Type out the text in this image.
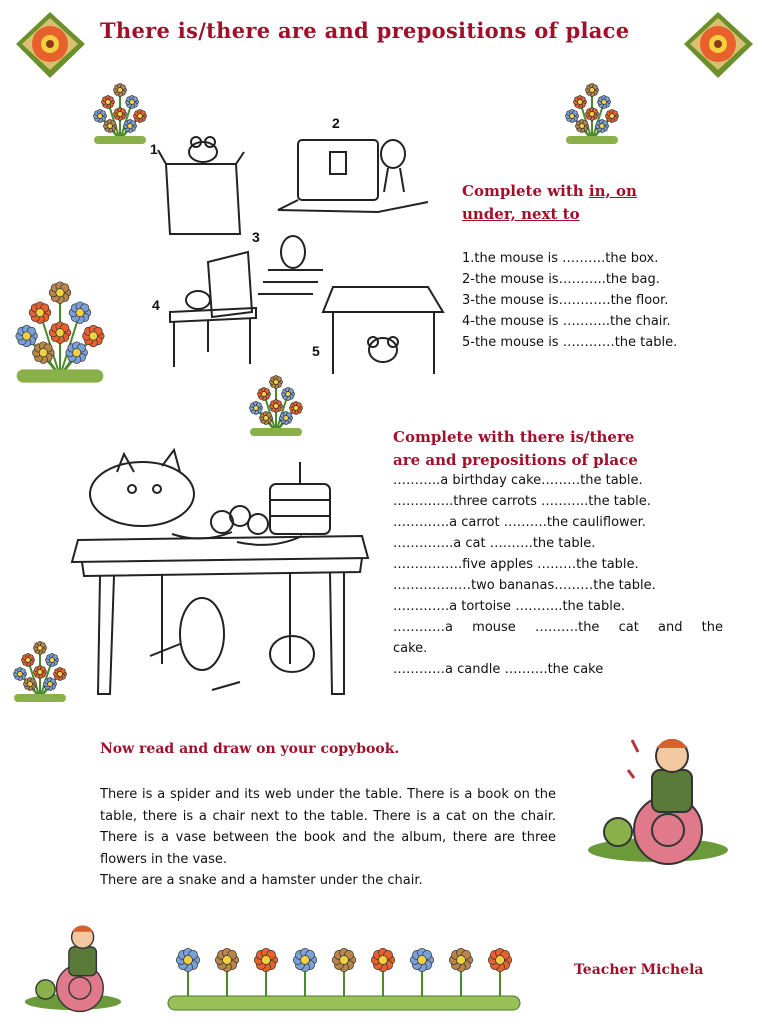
There is/there are and prepositions of place
1
2
3
4
5
Complete with in, on
under, next to
1.the mouse is ……….the box.
2-the mouse is………..the bag.
3-the mouse is…………the floor.
4-the mouse is ………..the chair.
5-the mouse is …………the table.
Complete with there is/there
are and prepositions of place
………..a birthday cake………the table.
…………..three carrots ………..the table.
………….a carrot ……….the cauliflower.
…………..a cat ……….the table.
…………….five apples ………the table.
………………two bananas………the table.
………….a tortoise ………..the table.
…………a mouse ……….the cat and the
cake.
…………a candle ……….the cake
Now read and draw on your copybook.
There is a spider and its web under the table. There is a book on the table, there is a chair next to the table. There is a cat on the chair. There is a vase between the book and the album, there are three flowers in the vase.
There are a snake and a hamster under the chair.
Teacher Michela
